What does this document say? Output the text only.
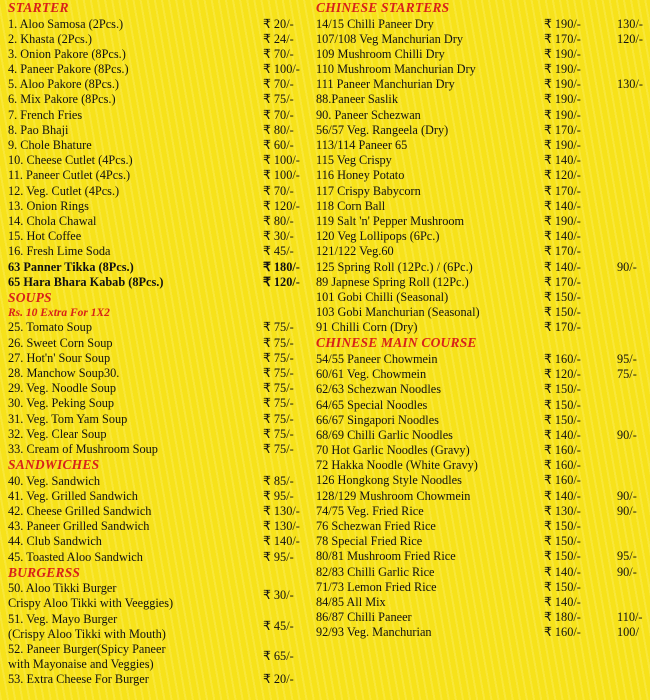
STARTER
1. Aloo Samosa (2Pcs.)	₹ 20/-
2. Khasta (2Pcs.)	₹ 24/-
3. Onion Pakore (8Pcs.)	₹ 70/-
4. Paneer Pakore (8Pcs.)	₹ 100/-
5. Aloo Pakore (8Pcs.)	₹ 70/-
6. Mix Pakore (8Pcs.)	₹ 75/-
7. French Fries	₹ 70/-
8. Pao Bhaji	₹ 80/-
9. Chole Bhature	₹ 60/-
10. Cheese Cutlet (4Pcs.)	₹ 100/-
11. Paneer Cutlet (4Pcs.)	₹ 100/-
12. Veg. Cutlet (4Pcs.)	₹ 70/-
13. Onion Rings	₹ 120/-
14. Chola Chawal	₹ 80/-
15. Hot Coffee	₹ 30/-
16. Fresh Lime Soda	₹ 45/-
63 Panner Tikka (8Pcs.)	₹ 180/-
65 Hara Bhara Kabab (8Pcs.)	₹ 120/-
SOUPS
Rs. 10 Extra For 1X2
25. Tomato Soup	₹ 75/-
26. Sweet Corn Soup	₹ 75/-
27. Hot'n' Sour Soup	₹ 75/-
28. Manchow Soup30.	₹ 75/-
29. Veg. Noodle Soup	₹ 75/-
30. Veg. Peking Soup	₹ 75/-
31. Veg. Tom Yam Soup	₹ 75/-
32. Veg. Clear Soup	₹ 75/-
33. Cream of Mushroom Soup	₹ 75/-
SANDWICHES
40. Veg. Sandwich	₹ 85/-
41. Veg. Grilled Sandwich	₹ 95/-
42. Cheese Grilled Sandwich	₹ 130/-
43. Paneer Grilled Sandwich	₹ 130/-
44. Club Sandwich	₹ 140/-
45. Toasted Aloo Sandwich	₹ 95/-
BURGERSS
50. Aloo Tikki Burger
Crispy Aloo Tikki with Veeggies)
₹ 30/-
51. Veg. Mayo Burger
(Crispy Aloo Tikki with Mouth)
₹ 45/-
52. Paneer Burger(Spicy Paneer
with Mayonaise and Veggies)
₹ 65/-
53. Extra Cheese For Burger	₹ 20/-
CHINESE STARTERS
14/15 Chilli Paneer Dry	₹ 190/-	130/-
107/108 Veg Manchurian Dry	₹ 170/-	120/-
109 Mushroom Chilli Dry	₹ 190/-
110 Mushroom Manchurian Dry	₹ 190/-
111 Paneer Manchurian Dry	₹ 190/-	130/-
88.Paneer Saslik	₹ 190/-
90. Paneer Schezwan	₹ 190/-
56/57 Veg. Rangeela (Dry)	₹ 170/-
113/114 Paneer 65	₹ 190/-
115 Veg Crispy	₹ 140/-
116 Honey Potato	₹ 120/-
117 Crispy Babycorn	₹ 170/-
118 Corn Ball	₹ 140/-
119 Salt 'n' Pepper Mushroom	₹ 190/-
120 Veg Lollipops (6Pc.)	₹ 140/-
121/122 Veg.60	₹ 170/-
125 Spring Roll (12Pc.) / (6Pc.)	₹ 140/-	90/-
89 Japnese Spring Roll (12Pc.)	₹ 170/-
101 Gobi Chilli (Seasonal)	₹ 150/-
103 Gobi Manchurian (Seasonal)	₹ 150/-
91 Chilli Corn (Dry)	₹ 170/-
CHINESE MAIN COURSE
54/55 Paneer Chowmein	₹ 160/-	95/-
60/61 Veg. Chowmein	₹ 120/-	75/-
62/63 Schezwan Noodles	₹ 150/-
64/65 Special Noodles	₹ 150/-
66/67 Singapori Noodles	₹ 150/-
68/69 Chilli Garlic Noodles	₹ 140/-	90/-
70 Hot Garlic Noodles (Gravy)	₹ 160/-
72 Hakka Noodle (White Gravy)	₹ 160/-
126 Hongkong Style Noodles	₹ 160/-
128/129 Mushroom Chowmein	₹ 140/-	90/-
74/75 Veg. Fried Rice	₹ 130/-	90/-
76 Schezwan Fried Rice	₹ 150/-
78 Special Fried Rice	₹ 150/-
80/81 Mushroom Fried Rice	₹ 150/-	95/-
82/83 Chilli Garlic Rice	₹ 140/-	90/-
71/73 Lemon Fried Rice	₹ 150/-
84/85 All Mix	₹ 140/-
86/87 Chilli Paneer	₹ 180/-	110/-
92/93 Veg. Manchurian	₹ 160/-	100/
